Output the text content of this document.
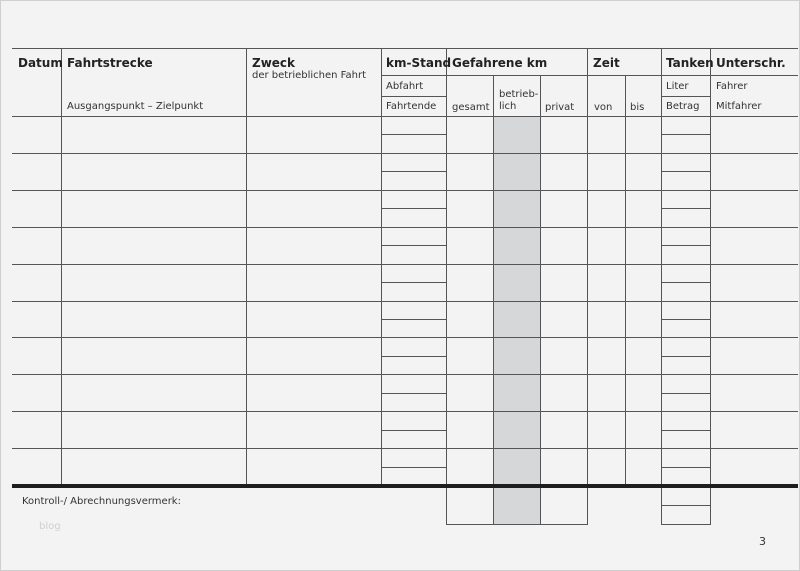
Datum Fahrtstrecke
Ausgangspunkt – Zielpunkt
Zweck
der betrieblichen Fahrt
km-Stand
Abfahrt
Fahrtende
Gefahrene km
gesamt
betrieb-
lich	privat
Zeit
von bis
Tanken
Liter
Betrag
Unterschr.
Fahrer
Mitfahrer
Kontroll-/ Abrechnungsvermerk:
blog
3
